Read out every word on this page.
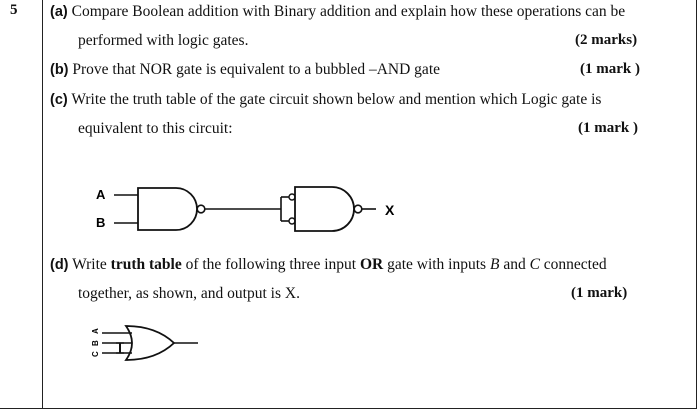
5 (a) Compare Boolean addition with Binary addition and explain how these operations can be
performed with logic gates.	(2 marks)
(b) Prove that NOR gate is equivalent to a bubbled –AND gate	(1 mark )
(c) Write the truth table of the gate circuit shown below and mention which Logic gate is
equivalent to this circuit:	(1 mark )
A
B
X
(d) Write truth table of the following three input OR gate with inputs B and C connected
together, as shown, and output is X.	(1 mark)
A
B
C
